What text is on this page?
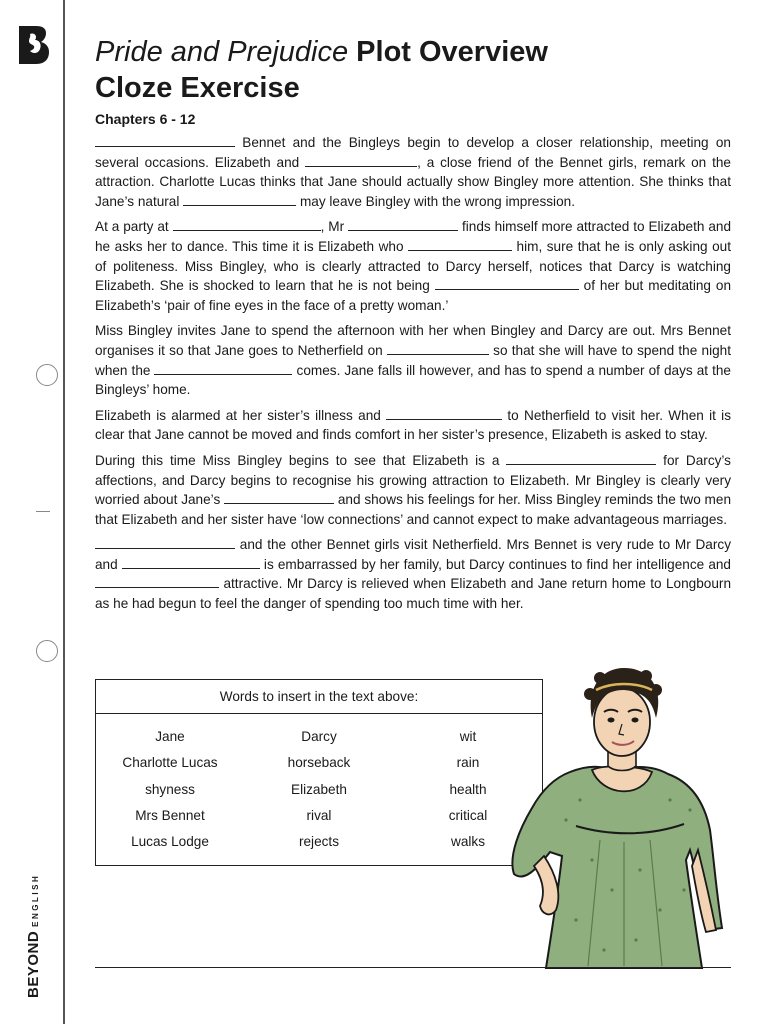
BEYONDENGLISH
Pride and Prejudice Plot Overview
Cloze Exercise
Chapters 6 - 12

Bennet and the Bingleys begin to develop a closer relationship, meeting on several occasions. Elizabeth and	, a close friend of the Bennet girls, remark on the attraction. Charlotte Lucas thinks that Jane should actually show Bingley more attention. She thinks that Jane’s natural	may leave Bingley with the wrong impression.

At a party at	, Mr	finds himself more attracted to Elizabeth and he asks her to dance. This time it is Elizabeth who	him, sure that he is only asking out of politeness. Miss Bingley, who is clearly attracted to Darcy herself, notices that Darcy is watching Elizabeth. She is shocked to learn that he is not being	of her but meditating on Elizabeth’s ‘pair of fine eyes in the face of a pretty woman.’

Miss Bingley invites Jane to spend the afternoon with her when Bingley and Darcy are out. Mrs Bennet organises it so that Jane goes to Netherfield on	so that she will have to spend the night when the	comes. Jane falls ill however, and has to spend a number of days at the Bingleys’ home.

Elizabeth is alarmed at her sister’s illness and	to Netherfield to visit her. When it is clear that Jane cannot be moved and finds comfort in her sister’s presence, Elizabeth is asked to stay.

During this time Miss Bingley begins to see that Elizabeth is a	for Darcy’s affections, and Darcy begins to recognise his growing attraction to Elizabeth. Mr Bingley is clearly very worried about Jane’s	and shows his feelings for her. Miss Bingley reminds the two men that Elizabeth and her sister have ‘low connections’ and cannot expect to make advantageous marriages.

and the other Bennet girls visit Netherfield. Mrs Bennet is very rude to Mr Darcy and	is embarrassed by her family, but Darcy continues to find her intelligence and  attractive. Mr Darcy is relieved when Elizabeth and Jane return home to Longbourn as he had begun to feel the danger of spending too much time with her.

Words to insert in the text above:
Jane	Darcy	wit
Charlotte Lucas	horseback	rain
shyness	Elizabeth	health
Mrs Bennet	rival	critical
Lucas Lodge	rejects	walks
